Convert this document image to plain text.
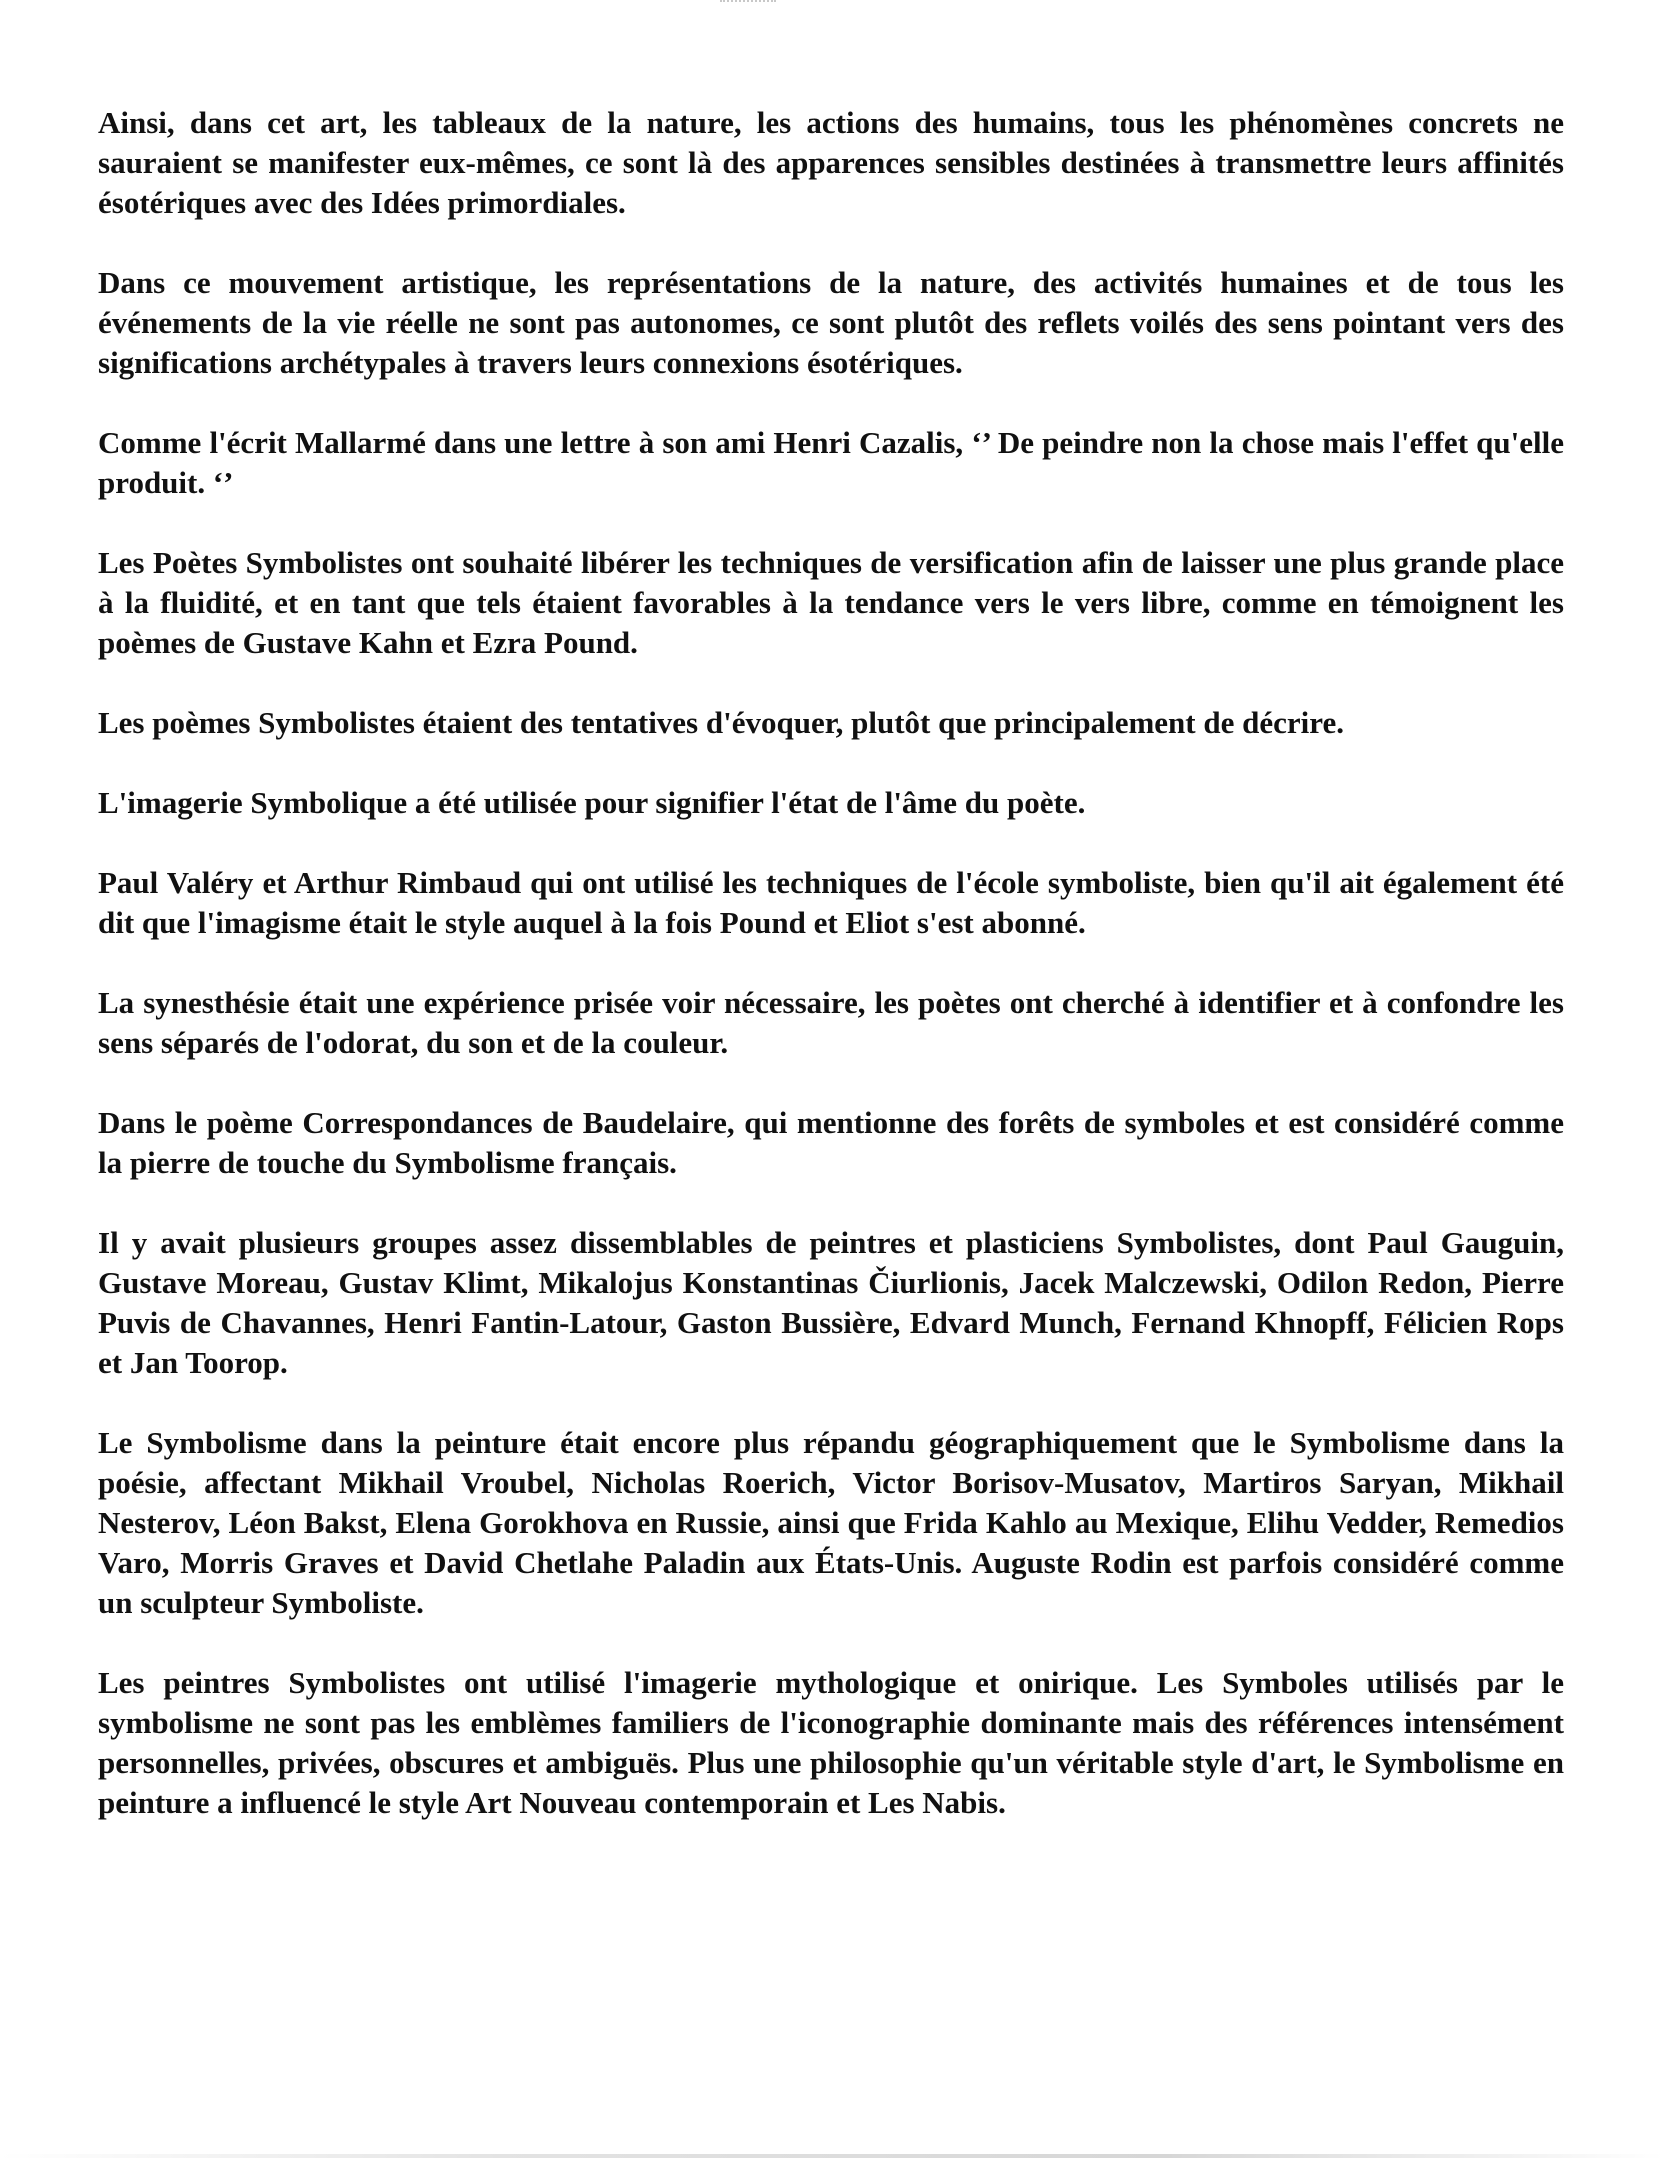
Ainsi, dans cet art, les tableaux de la nature, les actions des humains, tous les phénomènes concrets ne sauraient se manifester eux-mêmes, ce sont là des apparences sensibles destinées à transmettre leurs affinités ésotériques avec des Idées primordiales.

Dans ce mouvement artistique, les représentations de la nature, des activités humaines et de tous les événements de la vie réelle ne sont pas autonomes, ce sont plutôt des reflets voilés des sens pointant vers des significations archétypales à travers leurs connexions ésotériques.

Comme l'écrit Mallarmé dans une lettre à son ami Henri Cazalis, ‘’ De peindre non la chose mais l'effet qu'elle produit. ‘’

Les Poètes Symbolistes ont souhaité libérer les techniques de versification afin de laisser une plus grande place à la fluidité, et en tant que tels étaient favorables à la tendance vers le vers libre, comme en témoignent les poèmes de Gustave Kahn et Ezra Pound.

Les poèmes Symbolistes étaient des tentatives d'évoquer, plutôt que principalement de décrire.

L'imagerie Symbolique a été utilisée pour signifier l'état de l'âme du poète.

Paul Valéry et Arthur Rimbaud qui ont utilisé les techniques de l'école symboliste, bien qu'il ait également été dit que l'imagisme était le style auquel à la fois Pound et Eliot s'est abonné.

La synesthésie était une expérience prisée voir nécessaire, les poètes ont cherché à identifier et à confondre les sens séparés de l'odorat, du son et de la couleur.

Dans le poème Correspondances de Baudelaire, qui mentionne des forêts de symboles et est considéré comme la pierre de touche du Symbolisme français.

Il y avait plusieurs groupes assez dissemblables de peintres et plasticiens Symbolistes, dont Paul Gauguin, Gustave Moreau, Gustav Klimt, Mikalojus Konstantinas Čiurlionis, Jacek Malczewski, Odilon Redon, Pierre Puvis de Chavannes, Henri Fantin-Latour, Gaston Bussière, Edvard Munch, Fernand Khnopff, Félicien Rops et Jan Toorop.

Le Symbolisme dans la peinture était encore plus répandu géographiquement que le Symbolisme dans la poésie, affectant Mikhail Vroubel, Nicholas Roerich, Victor Borisov-Musatov, Martiros Saryan, Mikhail Nesterov, Léon Bakst, Elena Gorokhova en Russie, ainsi que Frida Kahlo au Mexique, Elihu Vedder, Remedios Varo, Morris Graves et David Chetlahe Paladin aux États-Unis. Auguste Rodin est parfois considéré comme un sculpteur Symboliste.

Les peintres Symbolistes ont utilisé l'imagerie mythologique et onirique. Les Symboles utilisés par le symbolisme ne sont pas les emblèmes familiers de l'iconographie dominante mais des références intensément personnelles, privées, obscures et ambiguës. Plus une philosophie qu'un véritable style d'art, le Symbolisme en peinture a influencé le style Art Nouveau contemporain et Les Nabis.
